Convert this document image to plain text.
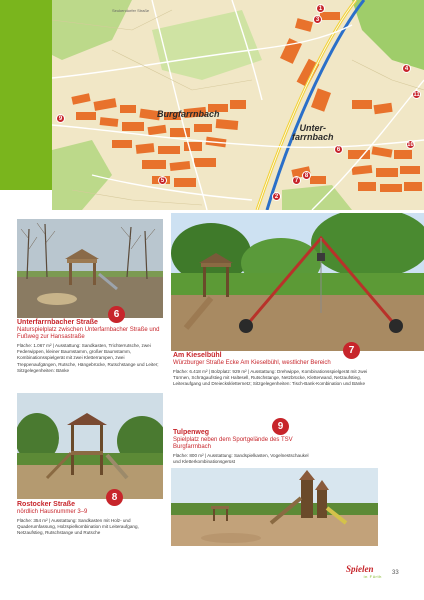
Burgfarrnbach
Unter-
farrnbach
Seukendorfer Straße	1
2
3
4
5
6
7
8
9
10
11
6
Unterfarrnbacher Straße
Naturspielplatz zwischen Unterfarnbacher Straße und Fußweg zur Hansastraße
Fläche: 1.067 m² | Ausstattung: Sandkasten, Trichterrutsche, zwei Federwippen, kleiner Baumstamm, großer Baumstamm, Kombinationsspielgerät mit zwei Kletterrampen, zwei Treppenaufgängen, Rutsche, Hängebrücke, Rutschstange und Leiter; Sitzgelegenheiten: Bänke
7
Am Kieselbühl
Würzburger Straße Ecke Am Kieselbühl, westlicher Bereich
Fläche: 6.418 m² | Bolzplatz: 929 m² | Ausstattung: Drehwippe, Kombinationsspielgerät mit zwei Türmen, Schrägaufstieg mit Haltesell, Rutschstange, Netzbrücke, Kletterwand, Netzaufstieg, Leiteraufgang und Dreieckskletternetz; Sitzgelegenheiten: Tisch-Bank-Kombination und Bänke
8
Rostocker Straße
nördlich Hausnummer 3–9
Fläche: 354 m² | Ausstattung: Sandkasten mit Holz- und Quaderumfassung, Holzspielkombination mit Leiteraufgang, Netzaufstieg, Rutschstange und Rutsche
9
Tulpenweg
Spielplatz neben dem Sportgelände des TSV Burgfarrnbach
Fläche: 800 m² | Ausstattung: Sandspielkasten, Vogelnestschaukel und Kletterkombinationsgerüst
Spielen
in Fürth
33
